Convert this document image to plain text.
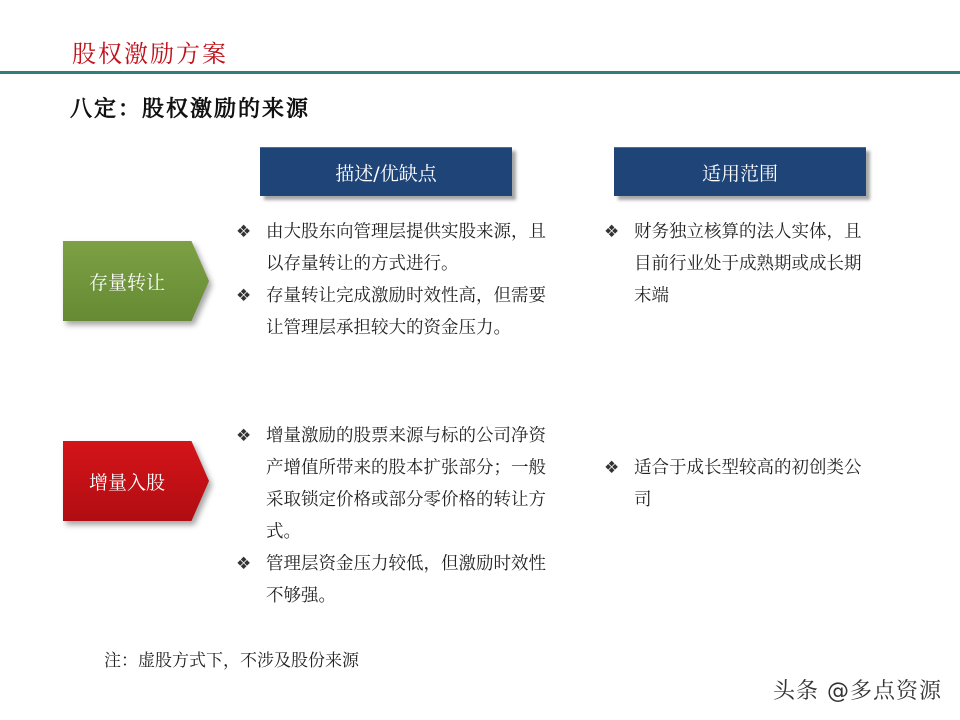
股权激励方案
八定：股权激励的来源
描述/优缺点	适用范围
存量转让
❖ 由大股东向管理层提供实股来源，且以存量转让的方式进行。
❖ 存量转让完成激励时效性高，但需要让管理层承担较大的资金压力。
❖ 财务独立核算的法人实体，且目前行业处于成熟期或成长期末端
增量入股
❖ 增量激励的股票来源与标的公司净资产增值所带来的股本扩张部分；一般采取锁定价格或部分零价格的转让方式。
❖ 管理层资金压力较低，但激励时效性不够强。
❖ 适合于成长型较高的初创类公司
注：虚股方式下，不涉及股份来源
头条 @多点资源
